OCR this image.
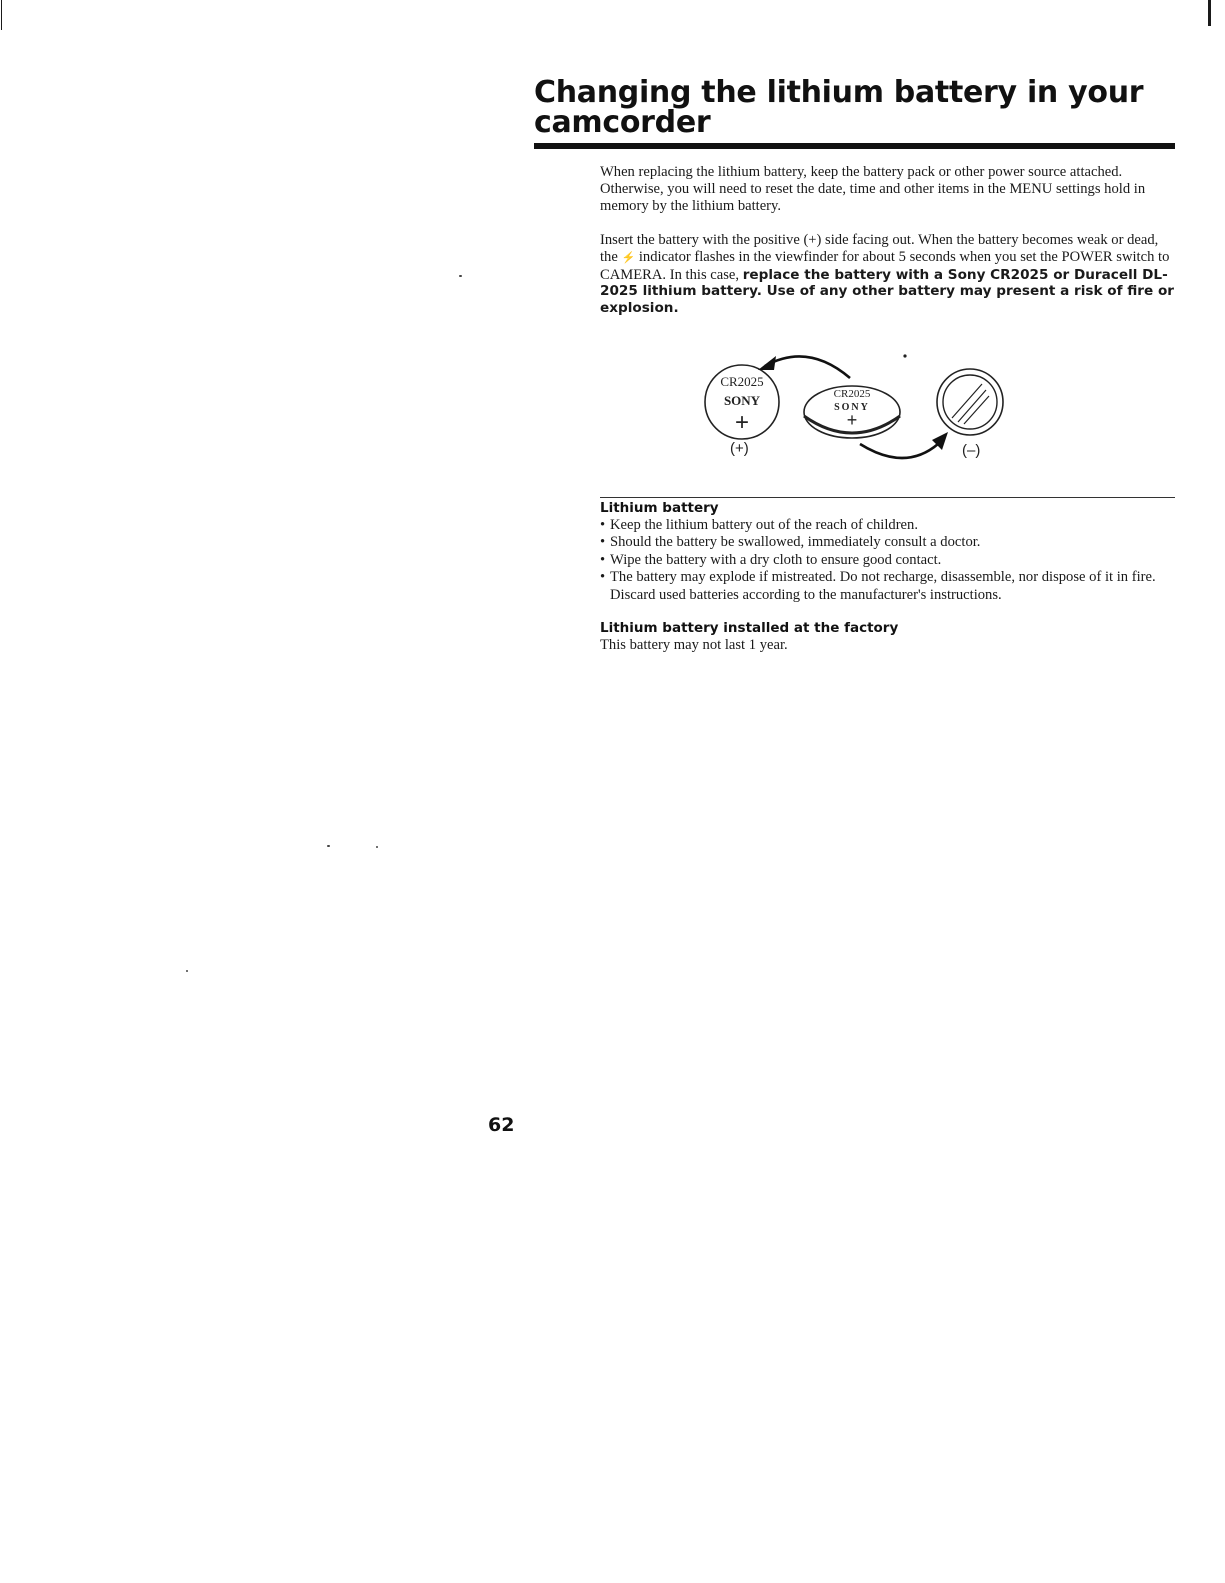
Changing the lithium battery in your camcorder

When replacing the lithium battery, keep the battery pack or other power source attached. Otherwise, you will need to reset the date, time and other items in the MENU settings hold in memory by the lithium battery.

Insert the battery with the positive (+) side facing out. When the battery becomes weak or dead, the ⚡ indicator flashes in the viewfinder for about 5 seconds when you set the POWER switch to CAMERA. In this case, replace the battery with a Sony CR2025 or Duracell DL-2025 lithium battery. Use of any other battery may present a risk of fire or explosion.

CR2025
SONY
+
CR2025
SONY
+
(+)	(–)
Lithium battery
• Keep the lithium battery out of the reach of children.
• Should the battery be swallowed, immediately consult a doctor.
• Wipe the battery with a dry cloth to ensure good contact.
• The battery may explode if mistreated. Do not recharge, disassemble, nor dispose of it in fire. Discard used batteries according to the manufacturer's instructions.
Lithium battery installed at the factory

This battery may not last 1 year.

62
